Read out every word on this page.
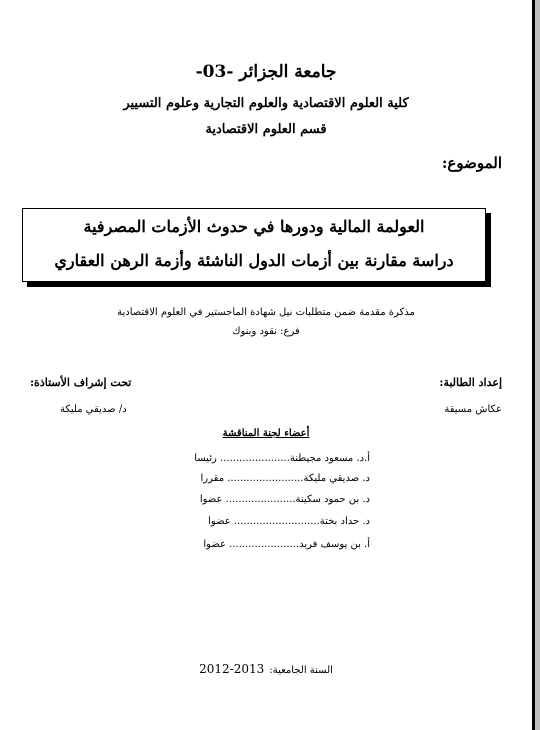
جامعة الجزائر -03-
كلية العلوم الاقتصادية والعلوم التجارية وعلوم التسيير
قسم العلوم الاقتصادية
الموضوع:
العولمة المالية ودورها في حدوث الأزمات المصرفية
دراسة مقارنة بين أزمات الدول الناشئة وأزمة الرهن العقاري
مذكرة مقدمة ضمن متطلبات نيل شهادة الماجستير في العلوم الاقتصادية
فرع: نقود وبنوك
إعداد الطالبة:
عكاش مسيقة
تحت إشراف الأستاذة:
د/ صديقي مليكة
أعضاء لجنة المناقشة
أ.د. مسعود مجيطنة...................... رئيسا
د. صديقي مليكة........................ مقررا
د. بن حمود سكينة...................... عضوا
د. حداد بختة........................... عضوا
أ. بن يوسف فريد...................... عضوا
السنة الجامعية: 2013-2012
